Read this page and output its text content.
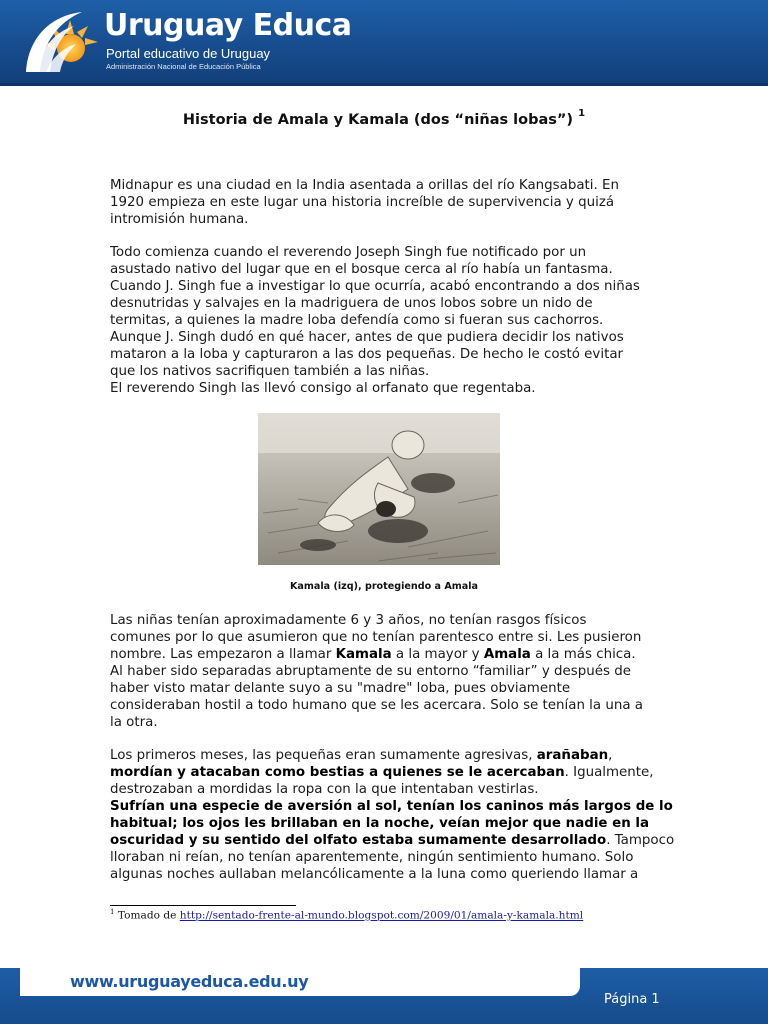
Uruguay Educa
Portal educativo de Uruguay
Administración Nacional de Educación Pública
Historia de Amala y Kamala (dos “niñas lobas”) $^1$
Midnapur es una ciudad en la India asentada a orillas del río Kangsabati. En
1920 empieza en este lugar una historia increíble de supervivencia y quizá
intromisión humana.
Todo comienza cuando el reverendo Joseph Singh fue notificado por un
asustado nativo del lugar que en el bosque cerca al río había un fantasma.
Cuando J. Singh fue a investigar lo que ocurría, acabó encontrando a dos niñas
desnutridas y salvajes en la madriguera de unos lobos sobre un nido de
termitas, a quienes la madre loba defendía como si fueran sus cachorros.
Aunque J. Singh dudó en qué hacer, antes de que pudiera decidir los nativos
mataron a la loba y capturaron a las dos pequeñas. De hecho le costó evitar
que los nativos sacrifiquen también a las niñas.
El reverendo Singh las llevó consigo al orfanato que regentaba.
Kamala (izq), protegiendo a Amala
Las niñas tenían aproximadamente 6 y 3 años, no tenían rasgos físicos
comunes por lo que asumieron que no tenían parentesco entre si. Les pusieron
nombre. Las empezaron a llamar Kamala a la mayor y Amala a la más chica.
Al haber sido separadas abruptamente de su entorno “familiar” y después de
haber visto matar delante suyo a su "madre" loba, pues obviamente
consideraban hostil a todo humano que se les acercara. Solo se tenían la una a
la otra.
Los primeros meses, las pequeñas eran sumamente agresivas, arañaban,
mordían y atacaban como bestias a quienes se le acercaban. Igualmente,
destrozaban a mordidas la ropa con la que intentaban vestirlas.
Sufrían una especie de aversión al sol, tenían los caninos más largos de lo
habitual; los ojos les brillaban en la noche, veían mejor que nadie en la
oscuridad y su sentido del olfato estaba sumamente desarrollado. Tampoco
lloraban ni reían, no tenían aparentemente, ningún sentimiento humano. Solo
algunas noches aullaban melancólicamente a la luna como queriendo llamar a
$^1$ Tomado de http://sentado-frente-al-mundo.blogspot.com/2009/01/amala-y-kamala.html
www.uruguayeduca.edu.uy
Página 1
